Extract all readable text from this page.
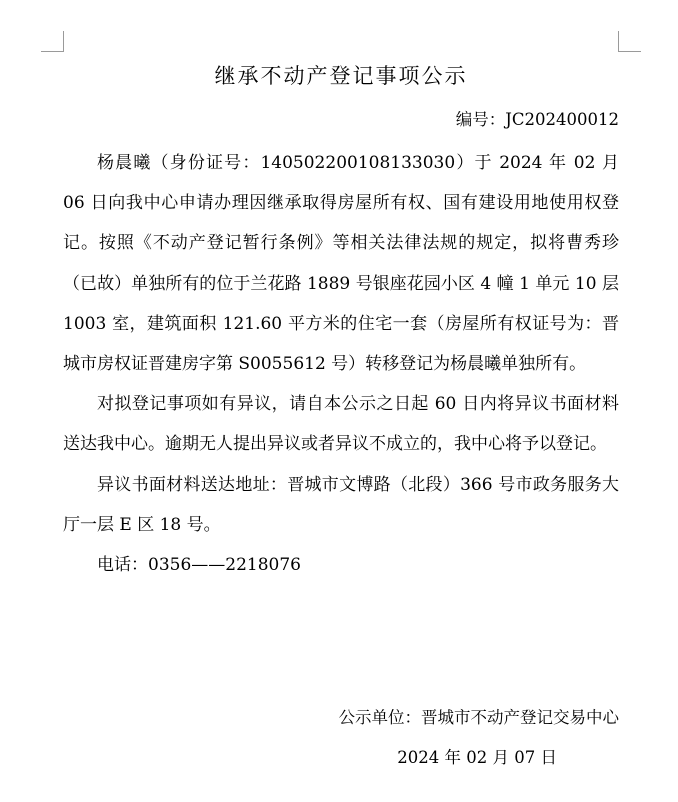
继承不动产登记事项公示
编号：JC202400012

杨晨曦（身份证号：140502200108133030）于 2024 年 02 月 06 日向我中心申请办理因继承取得房屋所有权、国有建设用地使用权登记。按照《不动产登记暂行条例》等相关法律法规的规定，拟将曹秀珍（已故）单独所有的位于兰花路 1889 号银座花园小区 4 幢 1 单元 10 层 1003 室，建筑面积 121.60 平方米的住宅一套（房屋所有权证号为：晋城市房权证晋建房字第 S0055612 号）转移登记为杨晨曦单独所有。

对拟登记事项如有异议，请自本公示之日起 60 日内将异议书面材料送达我中心。逾期无人提出异议或者异议不成立的，我中心将予以登记。

异议书面材料送达地址：晋城市文博路（北段）366 号市政务服务大厅一层 E 区 18 号。

电话：0356——2218076

公示单位：晋城市不动产登记交易中心
2024 年 02 月 07 日
